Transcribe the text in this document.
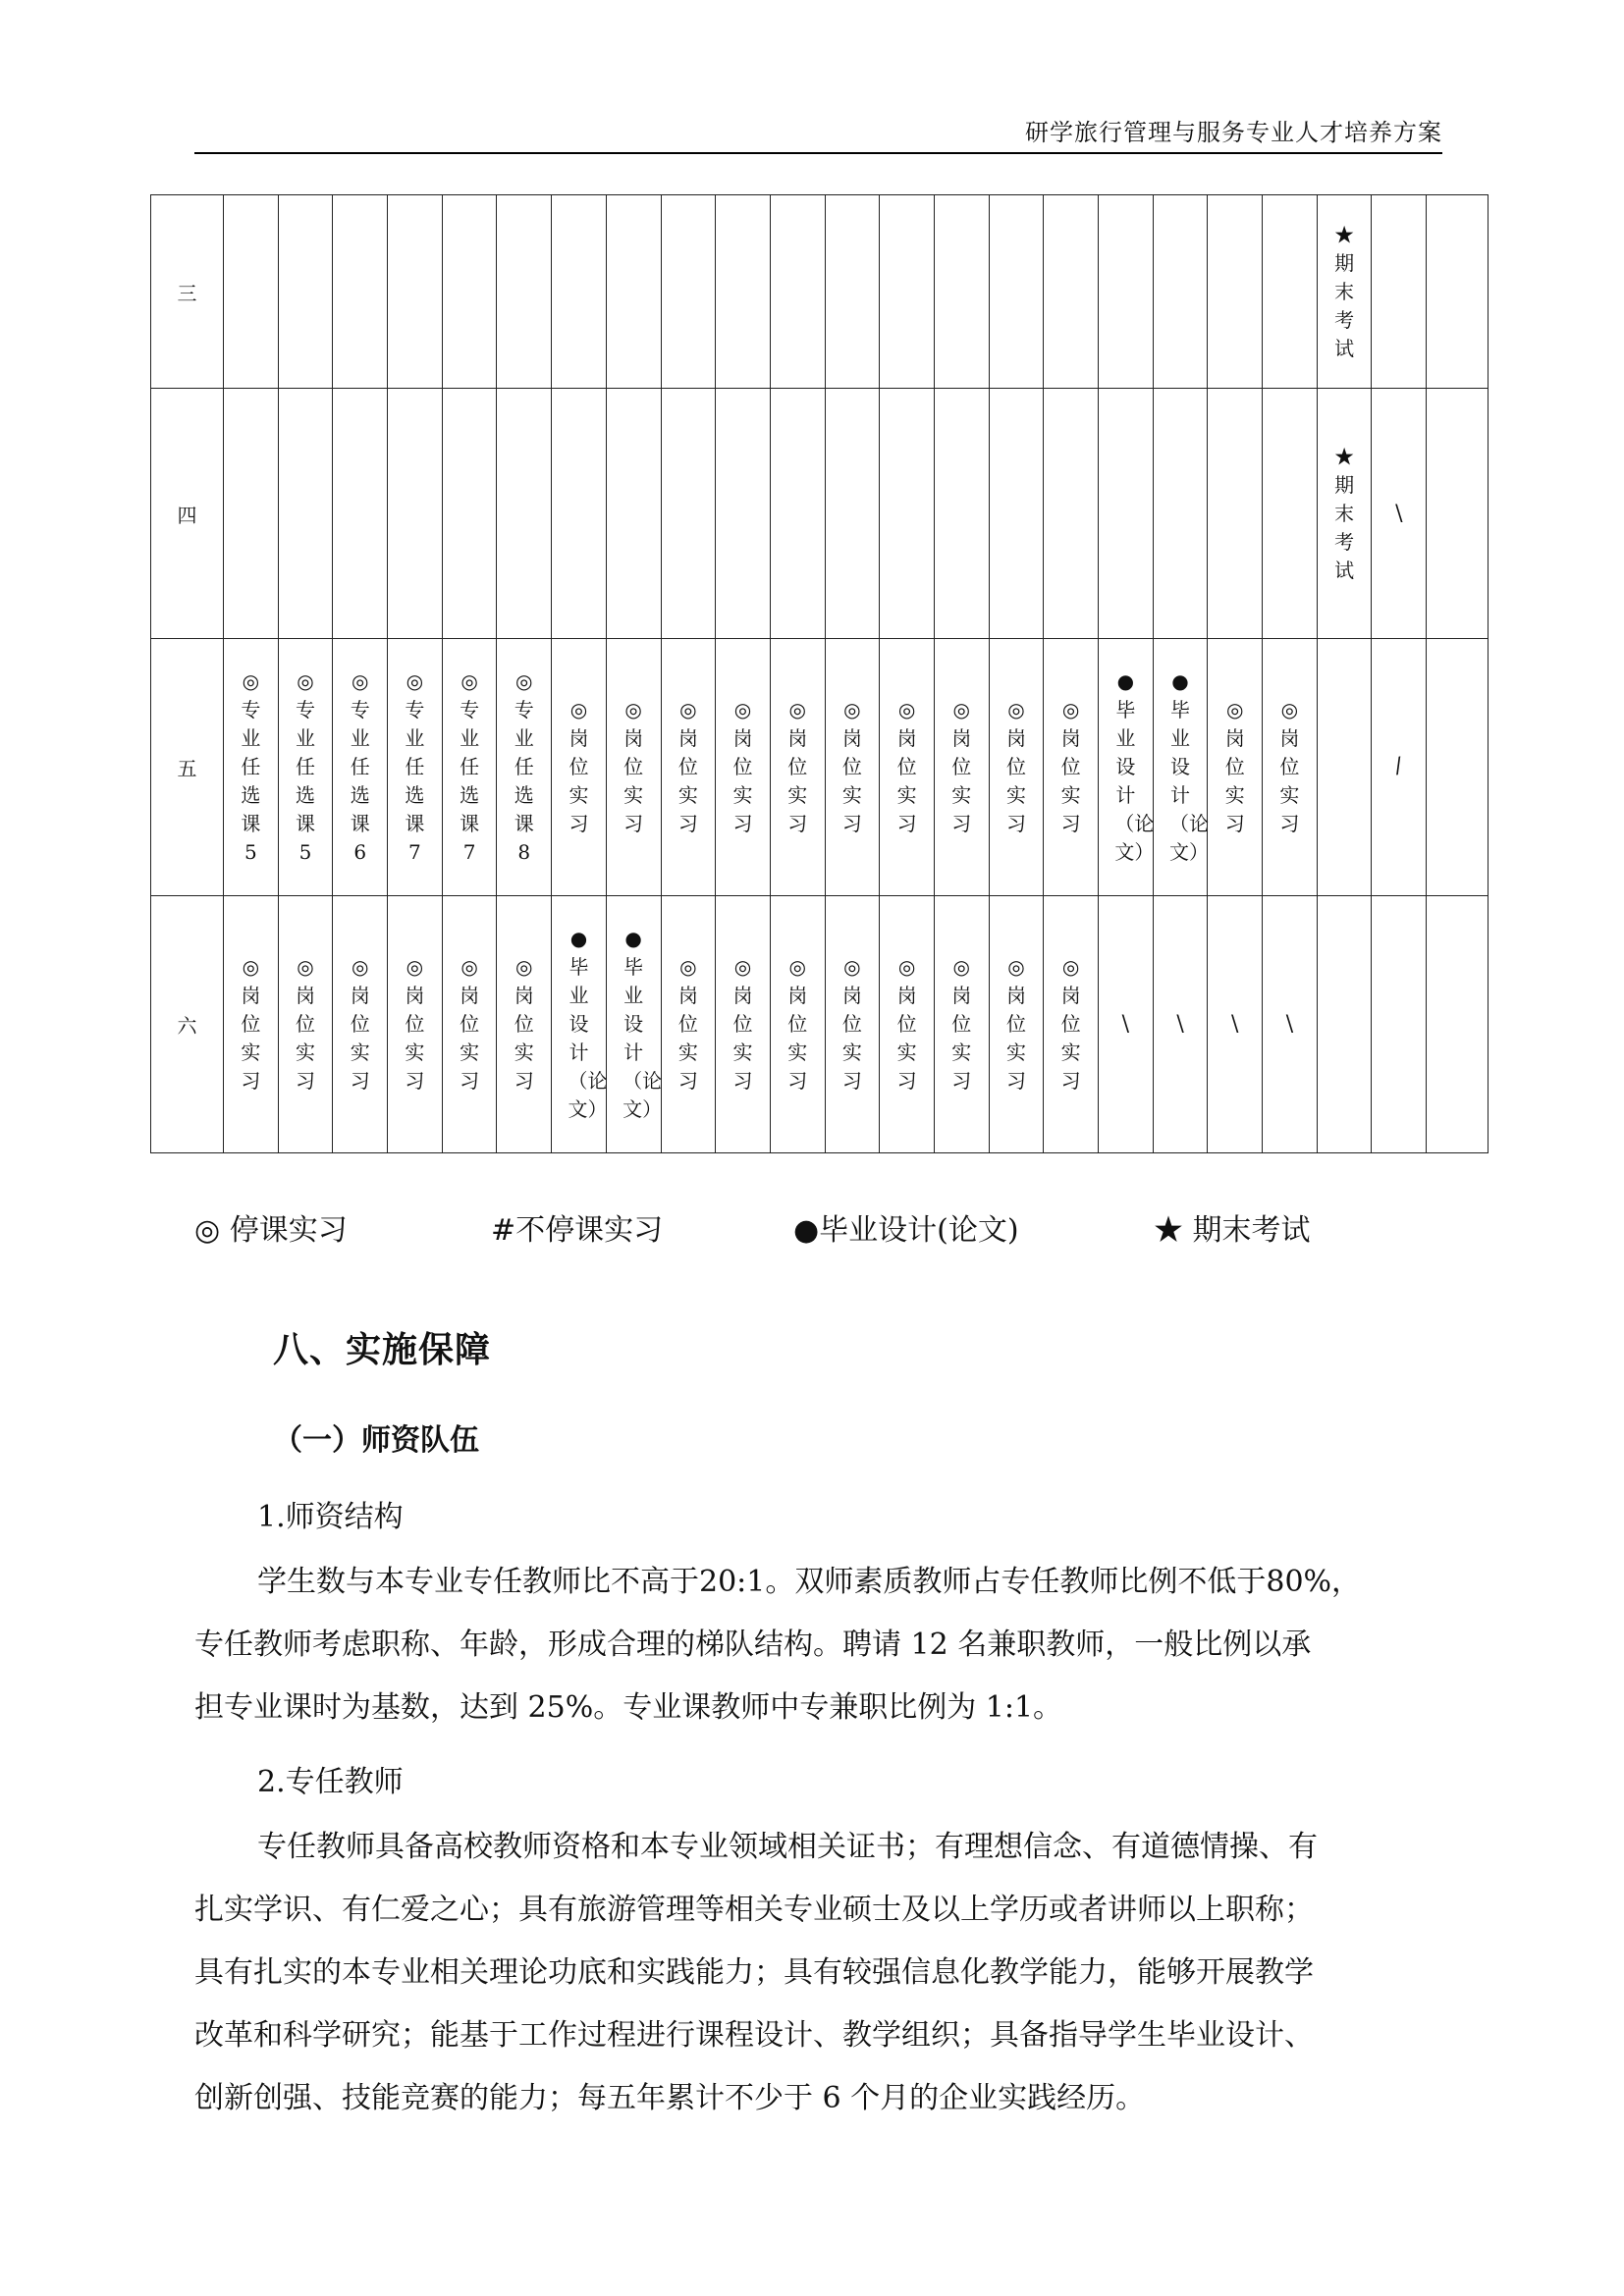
研学旅行管理与服务专业人才培养方案
三																					★期末考试		
四																					★期末考试	\	
五	◎专业任选课5	◎专业任选课5	◎专业任选课6	◎专业任选课7	◎专业任选课7	◎专业任选课8	◎岗位实习	◎岗位实习	◎岗位实习	◎岗位实习	◎岗位实习	◎岗位实习	◎岗位实习	◎岗位实习	◎岗位实习	◎岗位实习	●毕业设计（论文）	●毕业设计（论文）	◎岗位实习	◎岗位实习		/	

六	◎岗位实习	◎岗位实习	◎岗位实习	◎岗位实习	◎岗位实习	◎岗位实习	●毕业设计（论文）	●毕业设计（论文）	◎岗位实习	◎岗位实习	◎岗位实习	◎岗位实习	◎岗位实习	◎岗位实习	◎岗位实习	◎岗位实习	\	\	\	\			
◎ 停课实习	#不停课实习	●毕业设计(论文)	★ 期末考试
八、实施保障
（一）师资队伍
1.师资结构
学生数与本专业专任教师比不高于20:1。双师素质教师占专任教师比例不低于80%，
专任教师考虑职称、年龄，形成合理的梯队结构。聘请 12 名兼职教师，一般比例以承
担专业课时为基数，达到 25%。专业课教师中专兼职比例为 1:1。
2.专任教师
专任教师具备高校教师资格和本专业领域相关证书；有理想信念、有道德情操、有
扎实学识、有仁爱之心；具有旅游管理等相关专业硕士及以上学历或者讲师以上职称；
具有扎实的本专业相关理论功底和实践能力；具有较强信息化教学能力，能够开展教学
改革和科学研究；能基于工作过程进行课程设计、教学组织；具备指导学生毕业设计、
创新创强、技能竞赛的能力；每五年累计不少于 6 个月的企业实践经历。
